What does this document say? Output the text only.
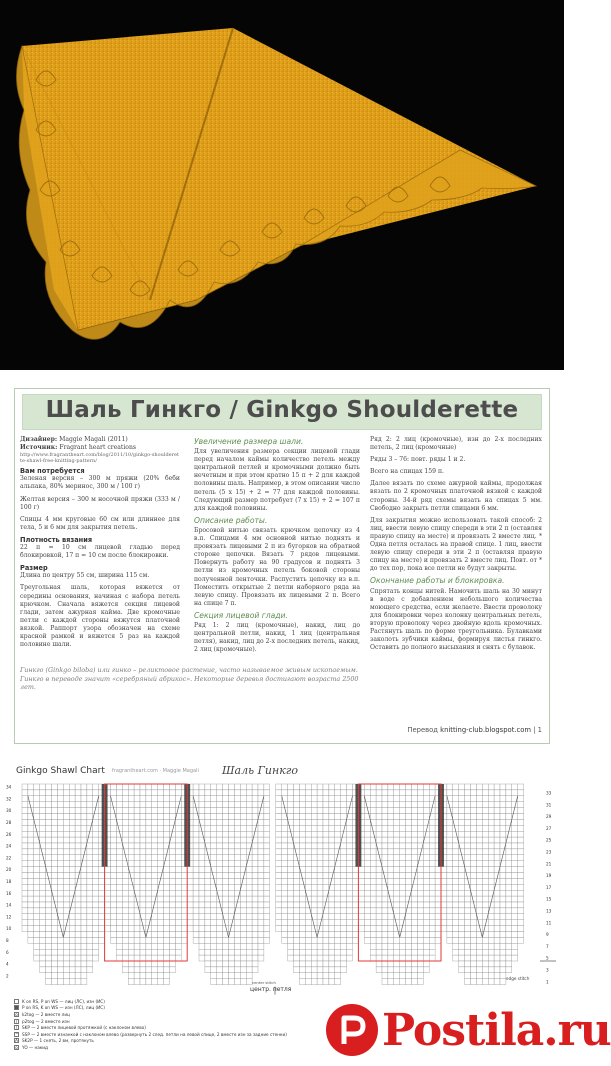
Шаль Гинкго / Ginkgo Shoulderette

Дизайнер: Maggie Magali (2011)
Источник: Fragrant heart creations
http://www.fragrantheart.com/blog/2011/10/ginkgo-shoulderette-shawl-free-knitting-pattern/

Вам потребуется

Зеленая версия – 300 м пряжи (20% беби альпака, 80% меринос, 300 м / 100 г)

Желтая версия – 300 м носочной пряжи (333 м / 100 г)

Спицы 4 мм круговые 60 см или длиннее для тела, 5 и 6 мм для закрытия петель.

Плотность вязания

22 п = 10 см лицевой гладью перед блокировкой, 17 п = 10 см после блокировки.

Размер

Длина по центру 55 см, ширина 115 см.

Треугольная шаль, которая вяжется от середины основания, начиная с набора петель крючком. Сначала вяжется секция лицевой глади, затем ажурная кайма. Две кромочные петли с каждой стороны вяжутся платочной вязкой. Раппорт узора обозначен на схеме красной рамкой и вяжется 5 раз на каждой половине шали.

Увеличение размера шали.

Для увеличения размера секции лицевой глади перед началом каймы количество петель между центральной петлей и кромочными должно быть нечетным и при этом кратно 15 п + 2 для каждой половины шаль. Например, в этом описании число петель (5 х 15) + 2 = 77 для каждой половины. Следующий размер потребует (7 х 15) + 2 = 107 п для каждой половины.

Описание работы.

Бросовой нитью связать крючком цепочку из 4 в.п. Спицами 4 мм основной нитью поднять и провязать лицевыми 2 п из бугорков на обратной стороне цепочки. Вязать 7 рядов лицевыми. Повернуть работу на 90 градусов и поднять 3 петли из кромочных петель боковой стороны полученной ленточки. Распустить цепочку из в.п. Поместить открытые 2 петли наборного ряда на левую спицу. Провязать их лицевыми 2 п. Всего на спице 7 п.

Секция лицевой глади.

Ряд 1: 2 лиц (кромочные), накид, лиц до центральной петли, накид, 1 лиц (центральная петля), накид, лиц до 2-х последних петель, накид, 2 лиц (кромочные).

Ряд 2: 2 лиц (кромочные), изн до 2-х последних петель, 2 лиц (кромочные)

Ряды 3 – 76: повт. ряды 1 и 2.

Всего на спицах 159 п.

Далее вязать по схеме ажурной каймы, продолжая вязать по 2 кромочных платочной вязкой с каждой стороны. 34-й ряд схемы вязать на спицах 5 мм. Свободно закрыть петли спицами 6 мм.

Для закрытия можно использовать такой способ: 2 лиц, ввести левую спицу спереди в эти 2 п (оставляя правую спицу на месте) и провязать 2 вместе лиц. * Одна петля осталась на правой спице. 1 лиц, ввести левую спицу спереди в эти 2 п (оставляя правую спицу на месте) и провязать 2 вместе лиц. Повт. от * до тех пор, пока все петли не будут закрыты.

Окончание работы и блокировка.

Спрятать концы нитей. Намочить шаль на 30 минут в воде с добавлением небольшого количества моющего средства, если желаете. Ввести проволоку для блокировки через колонку центральных петель, вторую проволоку через двойную вдоль кромочных. Растянуть шаль по форме треугольника. Булавками заколоть зубчики каймы, формируя листья гинкго. Оставить до полного высыхания и снять с булавок.

Гинкго (Ginkgo biloba) или гинко – реликтовое растение, часто называемое живым ископаемым. Гинкго в переводе значит «серебряный абрикос». Некоторые деревья достигают возраста 2500 лет.
Перевод knitting-club.blogspot.com | 1
Ginkgo Shawl Chart fragrantheart.com · Maggie Magali Шаль Гинкго
34
32
30
28
26
24
22
20
18
16
14
12
10
8
6
4
2
33
31
29
27
25
23
21
19
17
15
13
11
9
7
5
3
1
center stitch
центр. петля
edge stitch
K on RS, P on WS — лиц (ЛС), изн (ИС)
P on RS, K on WS — изн (ЛС), лиц (ИС)
o	k2tog — 2 вместе лиц
/	p2tog — 2 вместе изн
\	SKP — 2 вместе лицевой протяжкой (с наклоном влево)
^ SSP — 2 вместе изнанкой с наклоном влево (развернуть 2 след. петли на левой спице, 2 вместе изн за задние стенки)
A SK2P — 1 снять, 2 вм, протянуть
o	YO — накид	Postila.ru
